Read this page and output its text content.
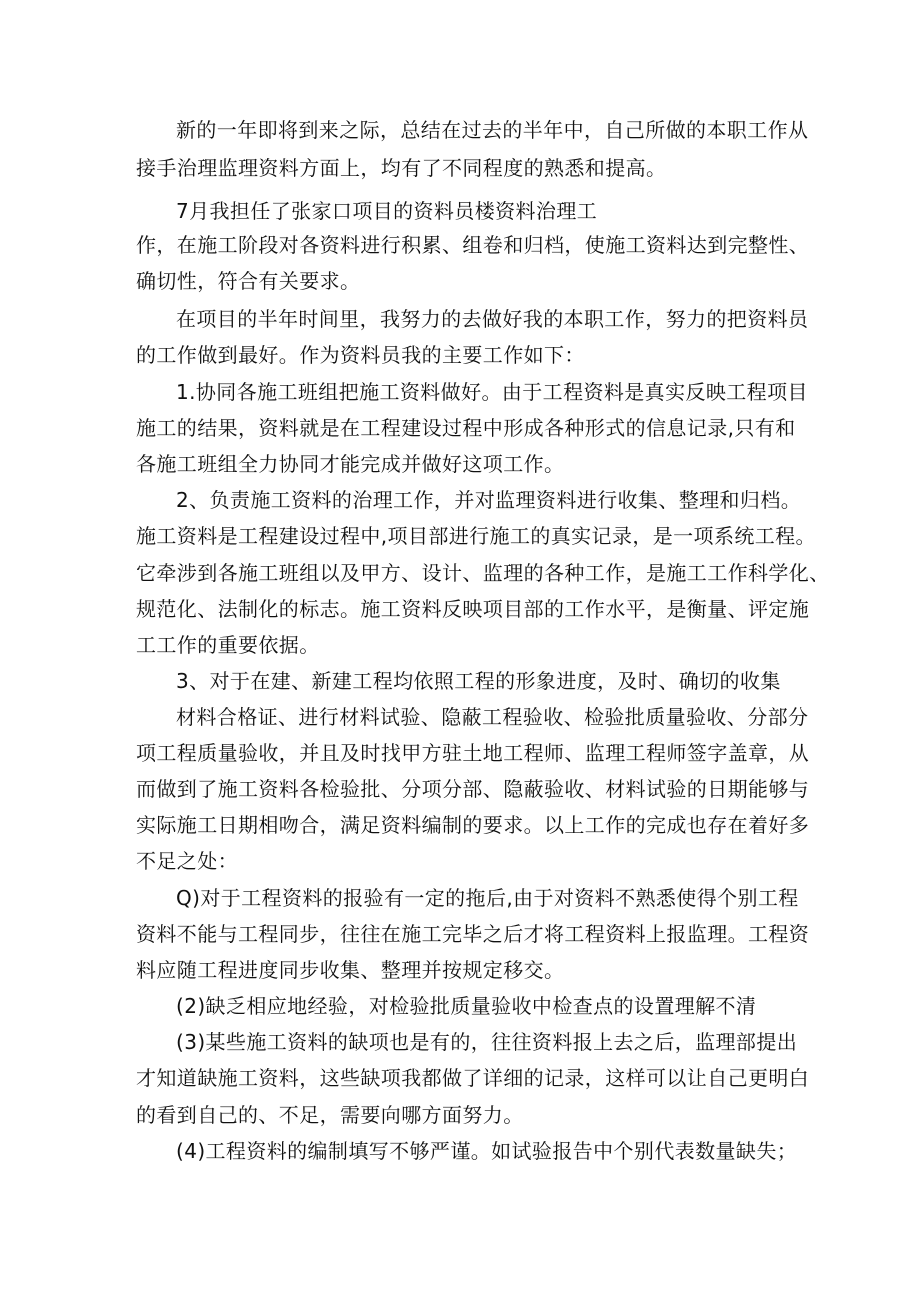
新的一年即将到来之际，总结在过去的半年中，自己所做的本职工作从
接手治理监理资料方面上，均有了不同程度的熟悉和提高。
7月我担任了张家口项目的资料员楼资料治理工
作，在施工阶段对各资料进行积累、组卷和归档，使施工资料达到完整性、
确切性，符合有关要求。
在项目的半年时间里，我努力的去做好我的本职工作，努力的把资料员
的工作做到最好。作为资料员我的主要工作如下：
1.协同各施工班组把施工资料做好。由于工程资料是真实反映工程项目
施工的结果，资料就是在工程建设过程中形成各种形式的信息记录,只有和
各施工班组全力协同才能完成并做好这项工作。
2、负责施工资料的治理工作，并对监理资料进行收集、整理和归档。
施工资料是工程建设过程中,项目部进行施工的真实记录，是一项系统工程。
它牵涉到各施工班组以及甲方、设计、监理的各种工作，是施工工作科学化、
规范化、法制化的标志。施工资料反映项目部的工作水平，是衡量、评定施
工工作的重要依据。
3、对于在建、新建工程均依照工程的形象进度，及时、确切的收集
材料合格证、进行材料试验、隐蔽工程验收、检验批质量验收、分部分
项工程质量验收，并且及时找甲方驻土地工程师、监理工程师签字盖章，从
而做到了施工资料各检验批、分项分部、隐蔽验收、材料试验的日期能够与
实际施工日期相吻合，满足资料编制的要求。以上工作的完成也存在着好多
不足之处：
Q)对于工程资料的报验有一定的拖后,由于对资料不熟悉使得个别工程
资料不能与工程同步，往往在施工完毕之后才将工程资料上报监理。工程资
料应随工程进度同步收集、整理并按规定移交。
(2)缺乏相应地经验，对检验批质量验收中检查点的设置理解不清
(3)某些施工资料的缺项也是有的，往往资料报上去之后，监理部提出
才知道缺施工资料，这些缺项我都做了详细的记录，这样可以让自己更明白
的看到自己的、不足，需要向哪方面努力。
(4)工程资料的编制填写不够严谨。如试验报告中个别代表数量缺失；
